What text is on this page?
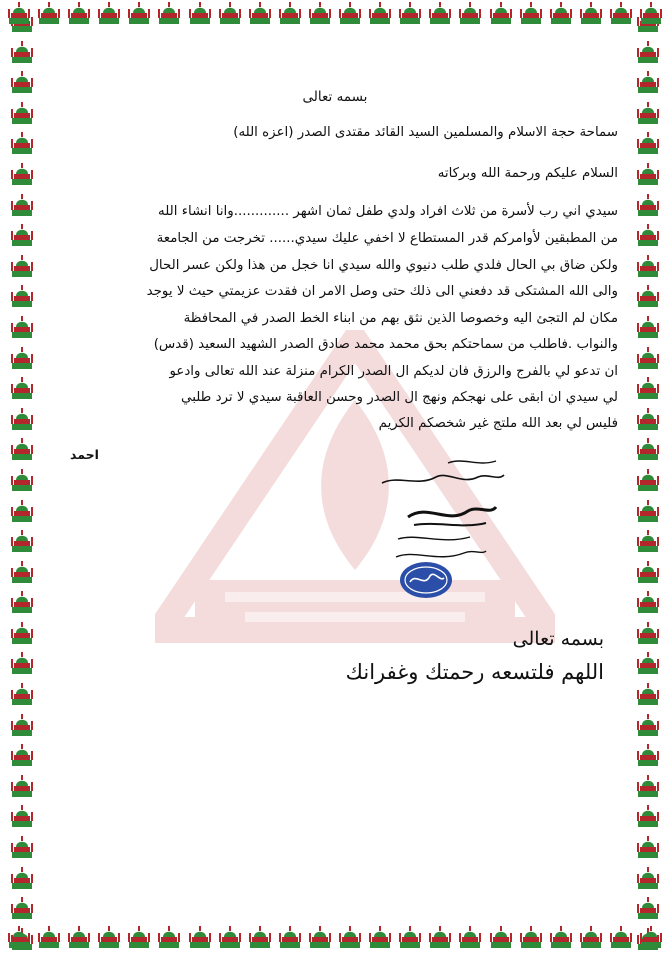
بسمه تعالى
سماحة حجة الاسلام والمسلمين السيد القائد مقتدى الصدر (اعزه الله)
السلام عليكم ورحمة الله وبركاته
سيدي اني رب لأسرة من ثلاث افراد ولدي طفل ثمان اشهر .............وانا انشاء الله
من المطبقين لأوامركم قدر المستطاع لا اخفي عليك سيدي...... تخرجت من الجامعة
ولكن ضاق بي الحال فلدي طلب دنيوي والله سيدي انا خجل من هذا ولكن عسر الحال
والى الله المشتكى قد دفعني الى ذلك حتى وصل الامر ان فقدت عزيمتي حيث لا يوجد
مكان لم التجئ اليه وخصوصا الذين نثق بهم من ابناء الخط الصدر في المحافظة
والنواب .فاطلب من سماحتكم بحق محمد محمد صادق الصدر الشهيد السعيد (قدس)
ان تدعو لي بالفرج والرزق فان لديكم ال الصدر الكرام منزلة عند الله تعالى وادعو
لي سيدي ان ابقى على نهجكم ونهج ال الصدر وحسن العاقبة سيدي لا ترد طلبي
فليس لي بعد الله ملتج غير شخصكم الكريم
احمد
بسمه تعالى
اللهم فلتسعه رحمتك وغفرانك
